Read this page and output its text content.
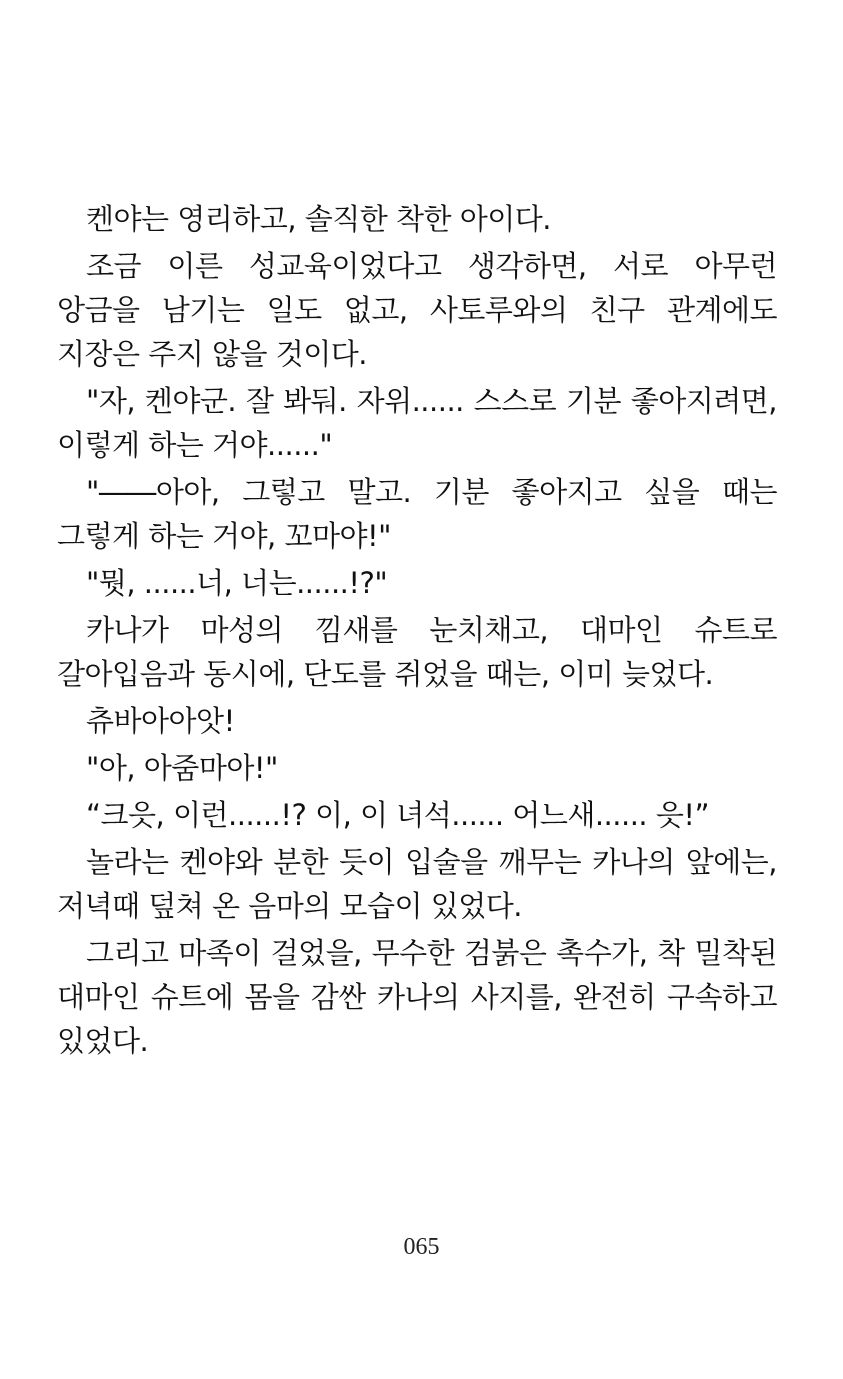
켄야는 영리하고, 솔직한 착한 아이다.

조금 이른 성교육이었다고 생각하면, 서로 아무런 앙금을 남기는 일도 없고, 사토루와의 친구 관계에도 지장은 주지 않을 것이다.

"자, 켄야군. 잘 봐둬. 자위...... 스스로 기분 좋아지려면, 이렇게 하는 거야......"

"――아아, 그렇고 말고. 기분 좋아지고 싶을 때는 그렇게 하는 거야, 꼬마야!"

"뭣, ......너, 너는......!?"

카나가 마성의 낌새를 눈치채고, 대마인 슈트로 갈아입음과 동시에, 단도를 쥐었을 때는, 이미 늦었다.

츄바아아앗!

"아, 아줌마아!"

“크읏, 이런......!? 이, 이 녀석...... 어느새...... 읏!”

놀라는 켄야와 분한 듯이 입술을 깨무는 카나의 앞에는, 저녁때 덮쳐 온 음마의 모습이 있었다.

그리고 마족이 걸었을, 무수한 검붉은 촉수가, 착 밀착된 대마인 슈트에 몸을 감싼 카나의 사지를, 완전히 구속하고 있었다.

065
